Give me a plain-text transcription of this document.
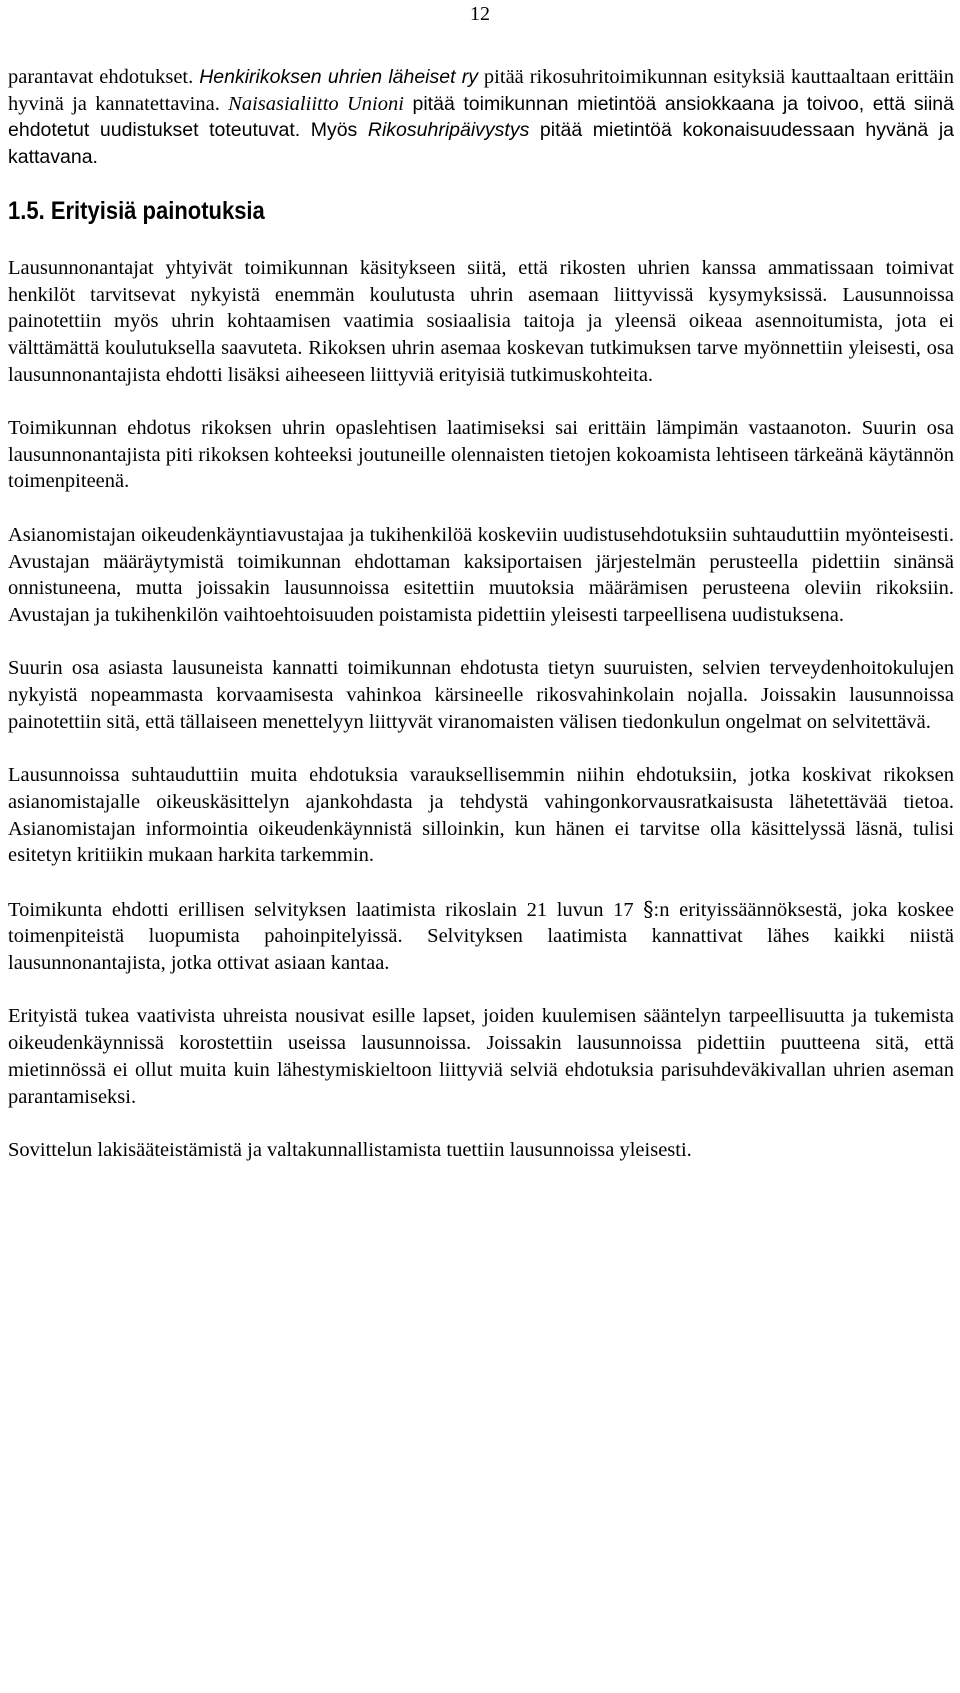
12

parantavat ehdotukset. Henkirikoksen uhrien läheiset ry pitää rikosuhritoimikunnan esityksiä kauttaaltaan erittäin hyvinä ja kannatettavina. Naisasialiitto Unioni pitää toimikunnan mietintöä ansiokkaana ja toivoo, että siinä ehdotetut uudistukset toteutuvat. Myös Rikosuhripäivystys pitää mietintöä kokonaisuudessaan hyvänä ja kattavana.

1.5. Erityisiä painotuksia

Lausunnonantajat yhtyivät toimikunnan käsitykseen siitä, että rikosten uhrien kanssa ammatissaan toimivat henkilöt tarvitsevat nykyistä enemmän koulutusta uhrin asemaan liittyvissä kysymyksissä. Lausunnoissa painotettiin myös uhrin kohtaamisen vaatimia sosiaalisia taitoja ja yleensä oikeaa asennoitumista, jota ei välttämättä koulutuksella saavuteta. Rikoksen uhrin asemaa koskevan tutkimuksen tarve myönnettiin yleisesti, osa lausunnonantajista ehdotti lisäksi aiheeseen liittyviä erityisiä tutkimuskohteita.

Toimikunnan ehdotus rikoksen uhrin opaslehtisen laatimiseksi sai erittäin lämpimän vastaanoton. Suurin osa lausunnonantajista piti rikoksen kohteeksi joutuneille olennaisten tietojen kokoamista lehtiseen tärkeänä käytännön toimenpiteenä.

Asianomistajan oikeudenkäyntiavustajaa ja tukihenkilöä koskeviin uudistusehdotuksiin suhtauduttiin myönteisesti. Avustajan määräytymistä toimikunnan ehdottaman kaksiportaisen järjestelmän perusteella pidettiin sinänsä onnistuneena, mutta joissakin lausunnoissa esitettiin muutoksia määrämisen perusteena oleviin rikoksiin. Avustajan ja tukihenkilön vaihtoehtoisuuden poistamista pidettiin yleisesti tarpeellisena uudistuksena.

Suurin osa asiasta lausuneista kannatti toimikunnan ehdotusta tietyn suuruisten, selvien terveydenhoitokulujen nykyistä nopeammasta korvaamisesta vahinkoa kärsineelle rikosvahinkolain nojalla. Joissakin lausunnoissa painotettiin sitä, että tällaiseen menettelyyn liittyvät viranomaisten välisen tiedonkulun ongelmat on selvitettävä.

Lausunnoissa suhtauduttiin muita ehdotuksia varauksellisemmin niihin ehdotuksiin, jotka koskivat rikoksen asianomistajalle oikeuskäsittelyn ajankohdasta ja tehdystä vahingonkorvausratkaisusta lähetettävää tietoa. Asianomistajan informointia oikeudenkäynnistä silloinkin, kun hänen ei tarvitse olla käsittelyssä läsnä, tulisi esitetyn kritiikin mukaan harkita tarkemmin.

Toimikunta ehdotti erillisen selvityksen laatimista rikoslain 21 luvun 17 §:n erityissäännöksestä, joka koskee toimenpiteistä luopumista pahoinpitelyissä. Selvityksen laatimista kannattivat lähes kaikki niistä lausunnonantajista, jotka ottivat asiaan kantaa.

Erityistä tukea vaativista uhreista nousivat esille lapset, joiden kuulemisen sääntelyn tarpeellisuutta ja tukemista oikeudenkäynnissä korostettiin useissa lausunnoissa. Joissakin lausunnoissa pidettiin puutteena sitä, että mietinnössä ei ollut muita kuin lähestymiskieltoon liittyviä selviä ehdotuksia parisuhdeväkivallan uhrien aseman parantamiseksi.

Sovittelun lakisääteistämistä ja valtakunnallistamista tuettiin lausunnoissa yleisesti.
